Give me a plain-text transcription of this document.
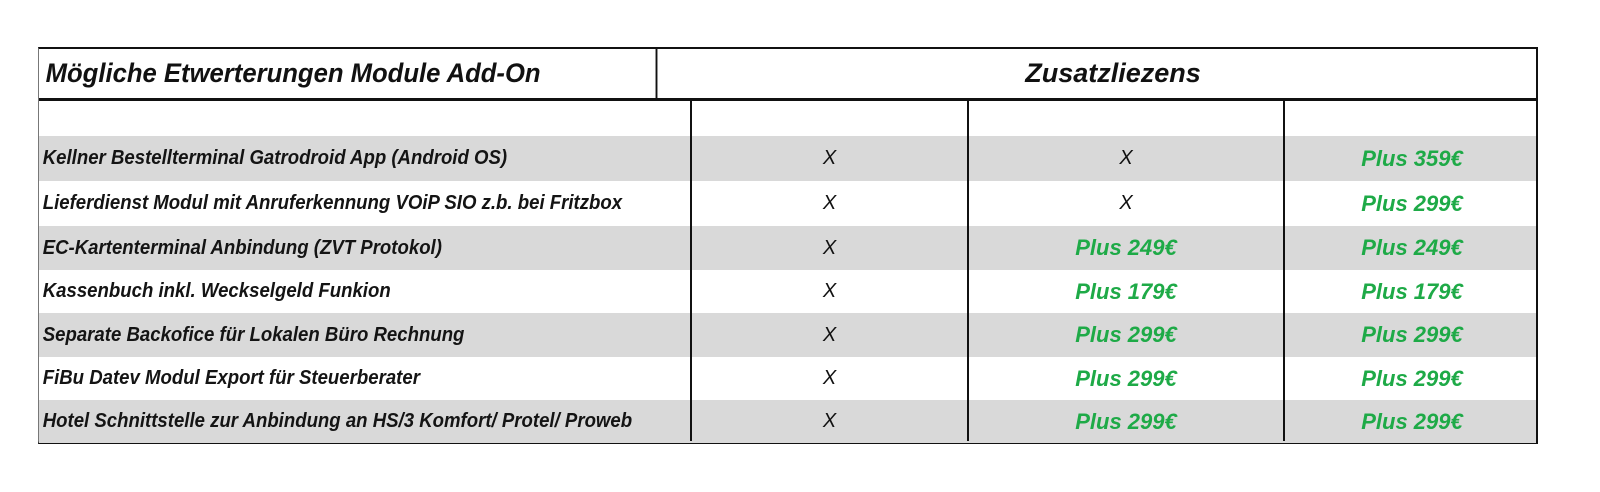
Mögliche Etwerterungen Module Add-On	Zusatzliezens
Kellner Bestellterminal Gatrodroid App (Android OS)	X	X	Plus 359€
Lieferdienst Modul mit Anruferkennung VOiP SIO z.b. bei Fritzbox	X	X	Plus 299€
EC-Kartenterminal Anbindung (ZVT Protokol)	X	Plus 249€	Plus 249€
Kassenbuch inkl. Weckselgeld Funkion	X	Plus 179€	Plus 179€
Separate Backofice für Lokalen Büro Rechnung	X	Plus 299€	Plus 299€
FiBu Datev Modul Export für Steuerberater	X	Plus 299€	Plus 299€
Hotel Schnittstelle zur Anbindung an HS/3 Komfort/ Protel/ Proweb	X	Plus 299€	Plus 299€
